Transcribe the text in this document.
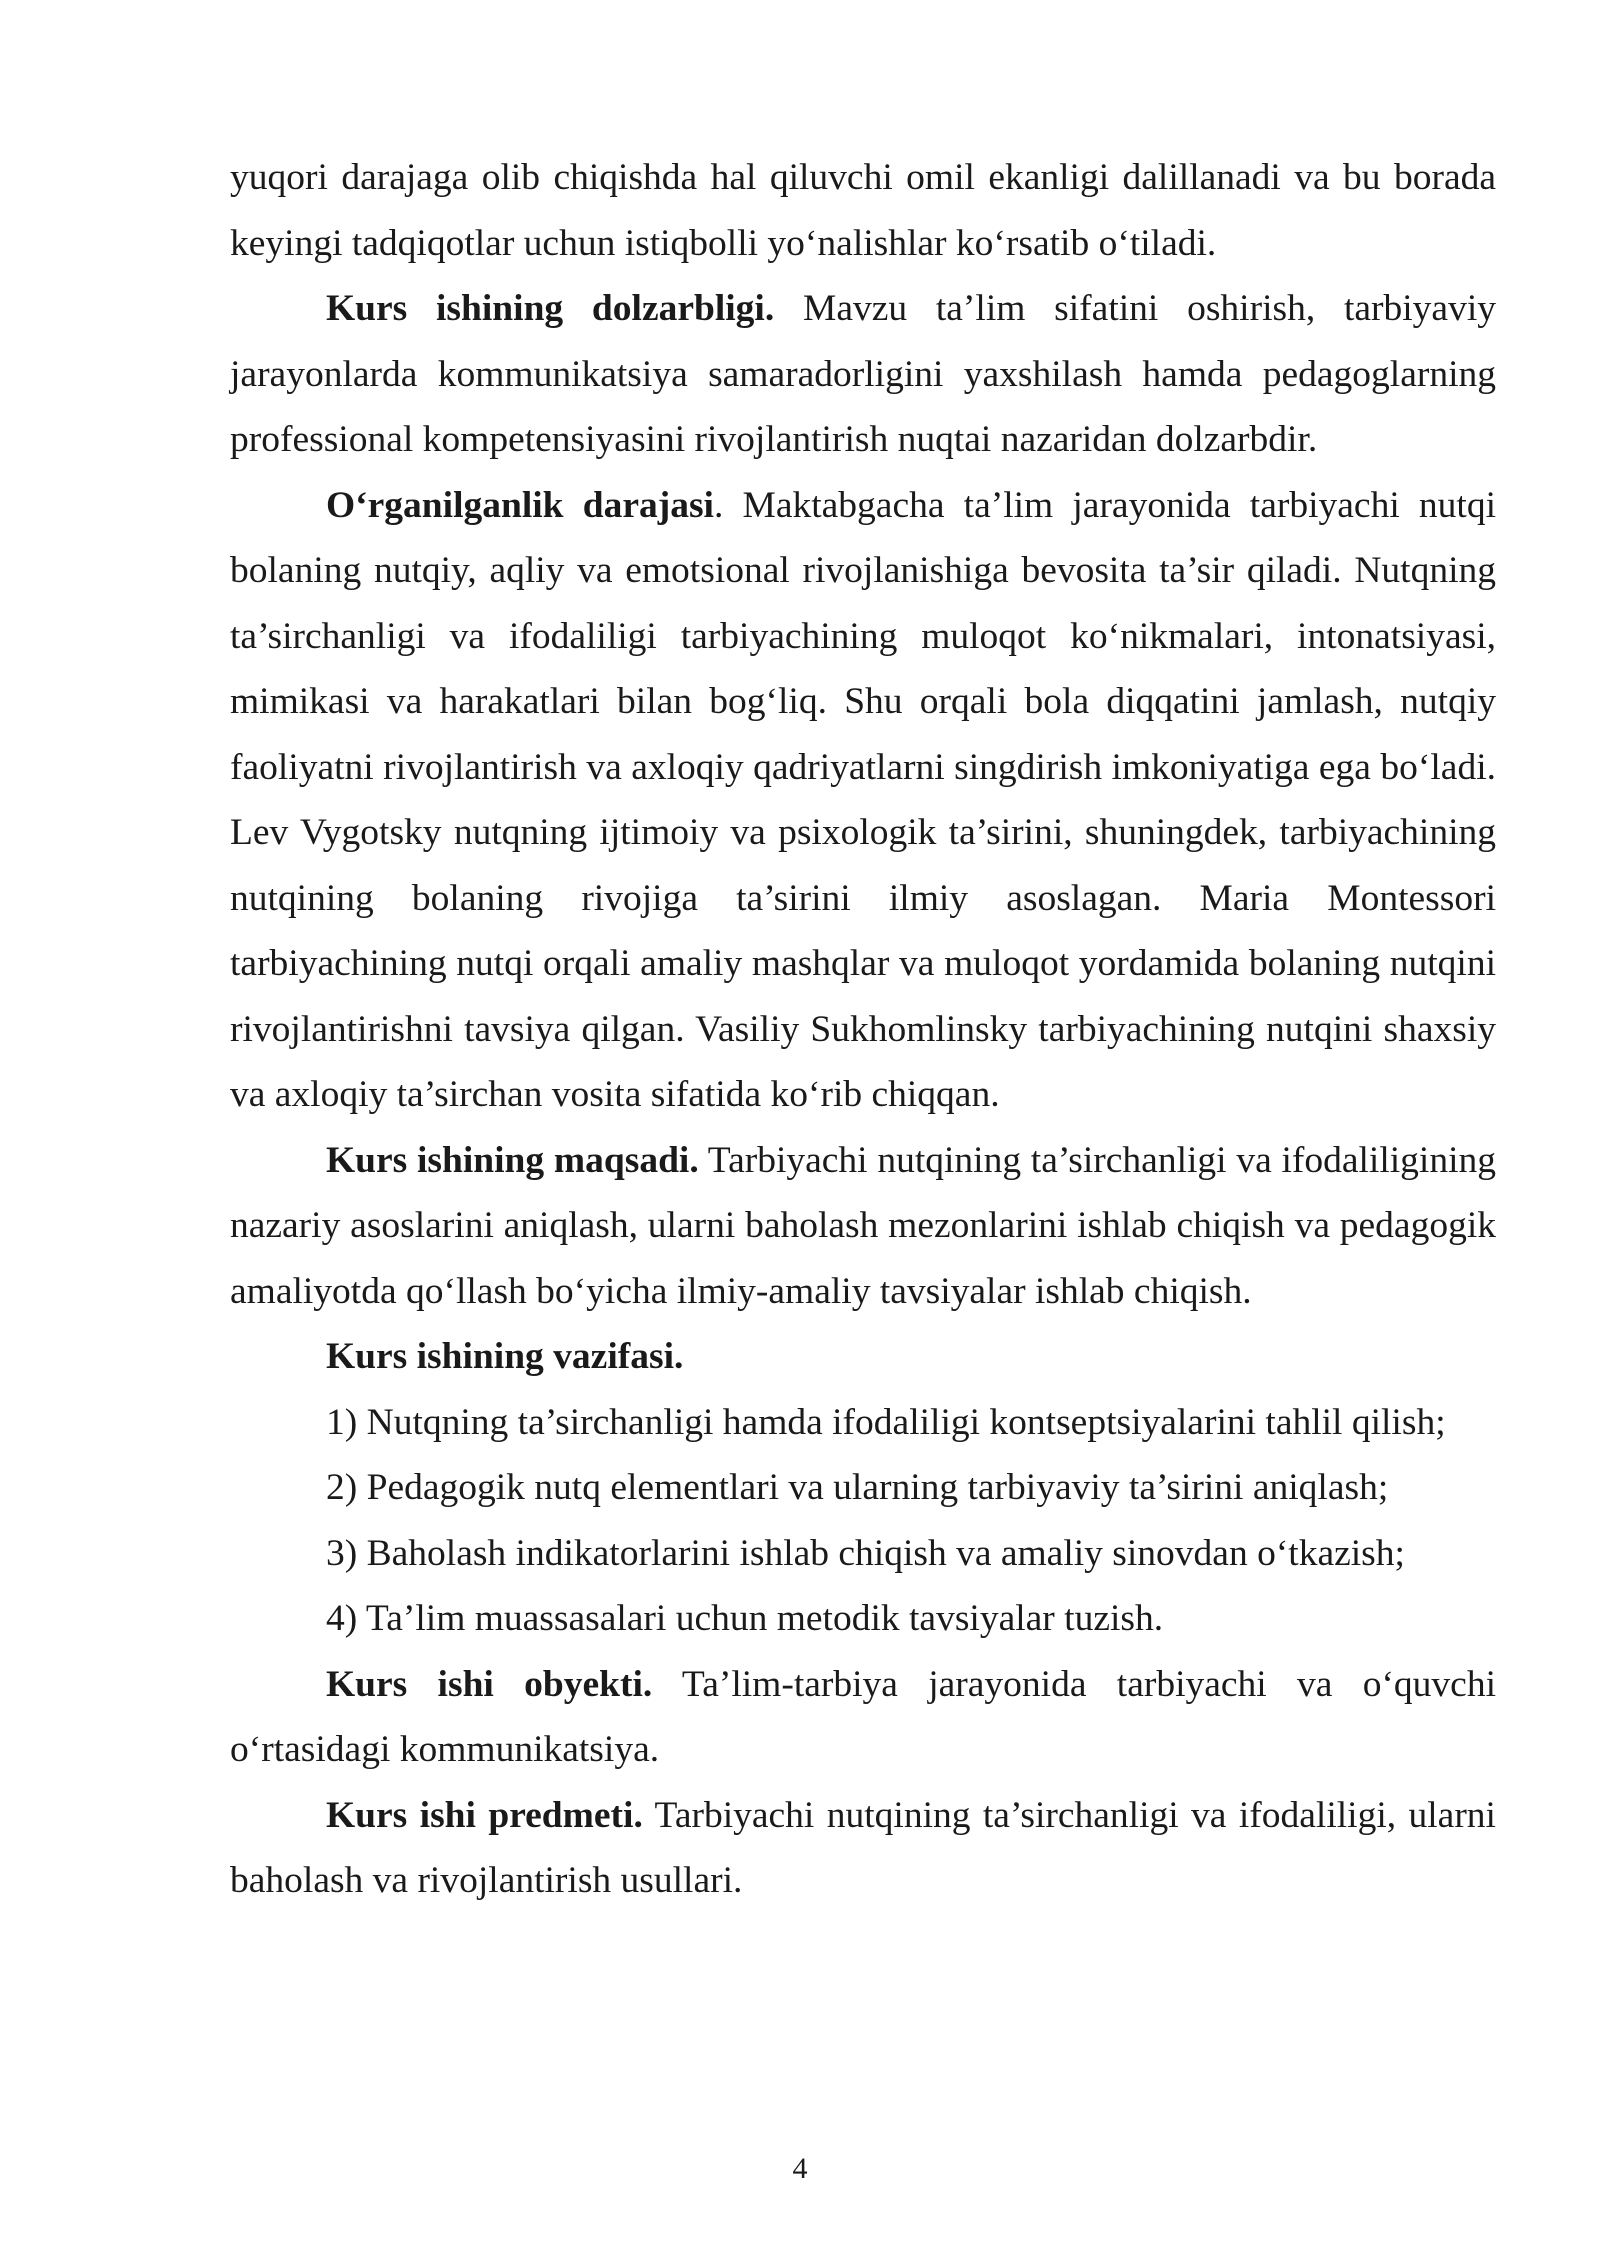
yuqori darajaga olib chiqishda hal qiluvchi omil ekanligi dalillanadi va bu borada keyingi tadqiqotlar uchun istiqbolli yo‘nalishlar ko‘rsatib o‘tiladi.

Kurs ishining dolzarbligi. Mavzu ta’lim sifatini oshirish, tarbiyaviy jarayonlarda kommunikatsiya samaradorligini yaxshilash hamda pedagoglarning professional kompetensiyasini rivojlantirish nuqtai nazaridan dolzarbdir.

O‘rganilganlik darajasi. Maktabgacha ta’lim jarayonida tarbiyachi nutqi bolaning nutqiy, aqliy va emotsional rivojlanishiga bevosita ta’sir qiladi. Nutqning ta’sirchanligi va ifodaliligi tarbiyachining muloqot ko‘nikmalari, intonatsiyasi, mimikasi va harakatlari bilan bog‘liq. Shu orqali bola diqqatini jamlash, nutqiy faoliyatni rivojlantirish va axloqiy qadriyatlarni singdirish imkoniyatiga ega bo‘ladi. Lev Vygotsky nutqning ijtimoiy va psixologik ta’sirini, shuningdek, tarbiyachining nutqining bolaning rivojiga ta’sirini ilmiy asoslagan. Maria Montessori tarbiyachining nutqi orqali amaliy mashqlar va muloqot yordamida bolaning nutqini rivojlantirishni tavsiya qilgan. Vasiliy Sukhomlinsky tarbiyachining nutqini shaxsiy va axloqiy ta’sirchan vosita sifatida ko‘rib chiqqan.

Kurs ishining maqsadi. Tarbiyachi nutqining ta’sirchanligi va ifodaliligining nazariy asoslarini aniqlash, ularni baholash mezonlarini ishlab chiqish va pedagogik amaliyotda qo‘llash bo‘yicha ilmiy-amaliy tavsiyalar ishlab chiqish.

Kurs ishining vazifasi.

1) Nutqning ta’sirchanligi hamda ifodaliligi kontseptsiyalarini tahlil qilish;

2) Pedagogik nutq elementlari va ularning tarbiyaviy ta’sirini aniqlash;

3) Baholash indikatorlarini ishlab chiqish va amaliy sinovdan o‘tkazish;

4) Ta’lim muassasalari uchun metodik tavsiyalar tuzish.

Kurs ishi obyekti. Ta’lim-tarbiya jarayonida tarbiyachi va o‘quvchi o‘rtasidagi kommunikatsiya.

Kurs ishi predmeti. Tarbiyachi nutqining ta’sirchanligi va ifodaliligi, ularni baholash va rivojlantirish usullari.

4
